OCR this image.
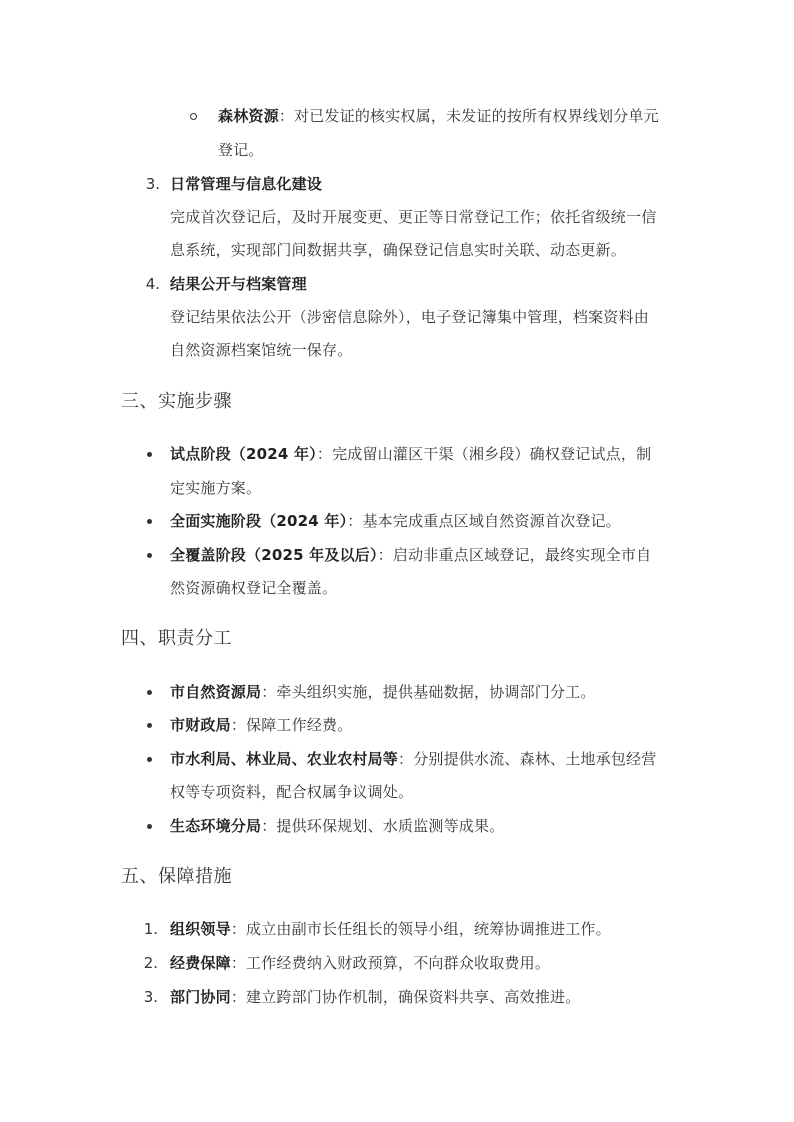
森林资源：对已发证的核实权属，未发证的按所有权界线划分单元
登记。
3. 日常管理与信息化建设
完成首次登记后，及时开展变更、更正等日常登记工作；依托省级统一信
息系统，实现部门间数据共享，确保登记信息实时关联、动态更新。
4. 结果公开与档案管理
登记结果依法公开（涉密信息除外），电子登记簿集中管理，档案资料由
自然资源档案馆统一保存。
三、实施步骤
试点阶段（2024 年）：完成留山灌区干渠（湘乡段）确权登记试点，制
定实施方案。
全面实施阶段（2024 年）：基本完成重点区域自然资源首次登记。
全覆盖阶段（2025 年及以后）：启动非重点区域登记，最终实现全市自
然资源确权登记全覆盖。
四、职责分工
市自然资源局：牵头组织实施，提供基础数据，协调部门分工。
市财政局：保障工作经费。
市水利局、林业局、农业农村局等：分别提供水流、森林、土地承包经营
权等专项资料，配合权属争议调处。
生态环境分局：提供环保规划、水质监测等成果。
五、保障措施
1. 组织领导：成立由副市长任组长的领导小组，统筹协调推进工作。
2. 经费保障：工作经费纳入财政预算，不向群众收取费用。
3. 部门协同：建立跨部门协作机制，确保资料共享、高效推进。
